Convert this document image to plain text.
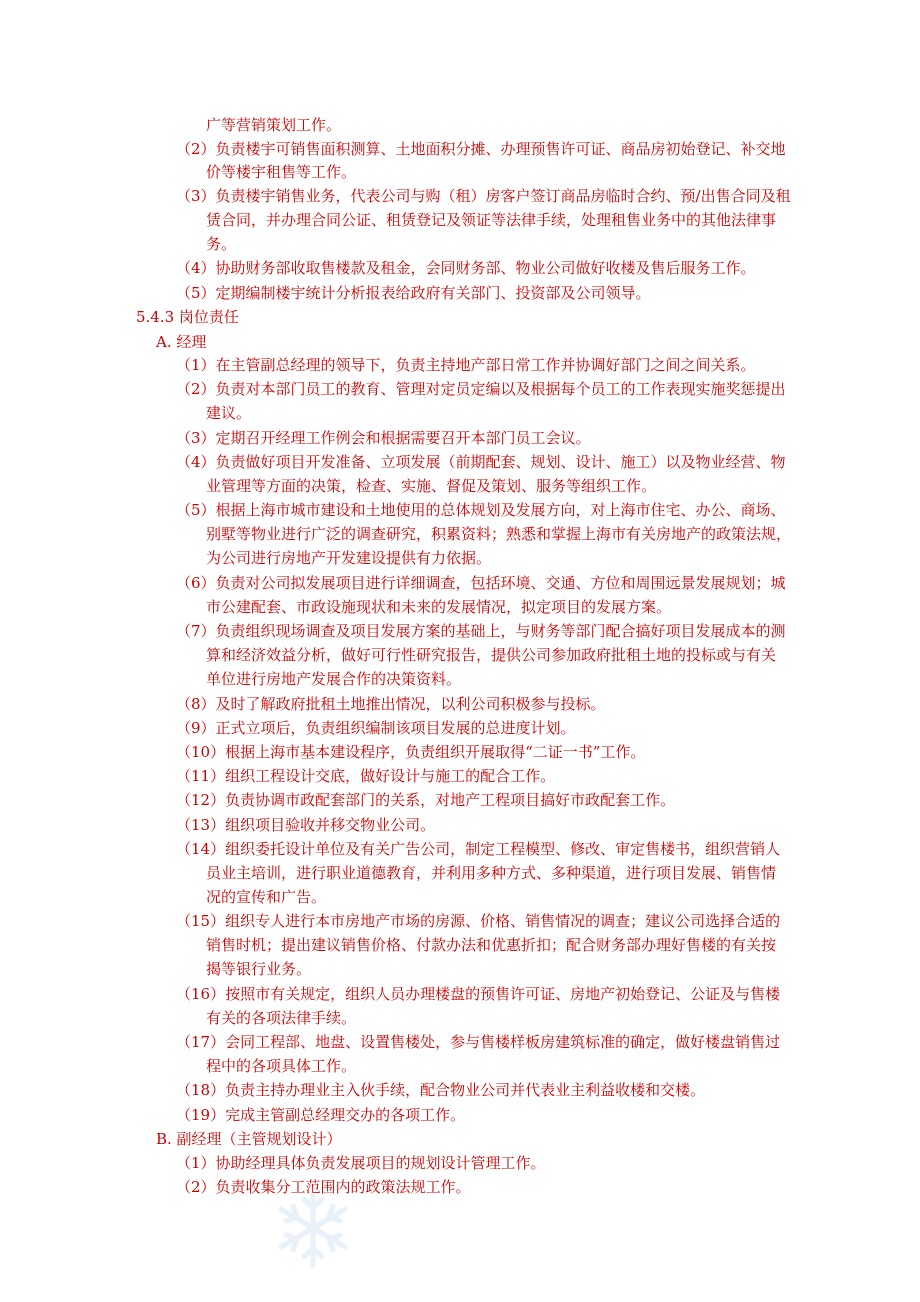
广等营销策划工作。
（2）负责楼宇可销售面积测算、土地面积分摊、办理预售许可证、商品房初始登记、补交地
价等楼宇租售等工作。
（3）负责楼宇销售业务，代表公司与购（租）房客户签订商品房临时合约、预/出售合同及租
赁合同，并办理合同公证、租赁登记及领证等法律手续，处理租售业务中的其他法律事
务。
（4）协助财务部收取售楼款及租金，会同财务部、物业公司做好收楼及售后服务工作。
（5）定期编制楼宇统计分析报表给政府有关部门、投资部及公司领导。
5.4.3 岗位责任
A. 经理
（1）在主管副总经理的领导下，负责主持地产部日常工作并协调好部门之间之间关系。
（2）负责对本部门员工的教育、管理对定员定编以及根据每个员工的工作表现实施奖惩提出
建议。
（3）定期召开经理工作例会和根据需要召开本部门员工会议。
（4）负责做好项目开发准备、立项发展（前期配套、规划、设计、施工）以及物业经营、物
业管理等方面的决策，检查、实施、督促及策划、服务等组织工作。
（5）根据上海市城市建设和土地使用的总体规划及发展方向，对上海市住宅、办公、商场、
别墅等物业进行广泛的调查研究，积累资料；熟悉和掌握上海市有关房地产的政策法规，
为公司进行房地产开发建设提供有力依据。
（6）负责对公司拟发展项目进行详细调查，包括环境、交通、方位和周围远景发展规划；城
市公建配套、市政设施现状和未来的发展情况，拟定项目的发展方案。
（7）负责组织现场调查及项目发展方案的基础上，与财务等部门配合搞好项目发展成本的测
算和经济效益分析，做好可行性研究报告，提供公司参加政府批租土地的投标或与有关
单位进行房地产发展合作的决策资料。
（8）及时了解政府批租土地推出情况，以利公司积极参与投标。
（9）正式立项后，负责组织编制该项目发展的总进度计划。
（10）根据上海市基本建设程序，负责组织开展取得“二证一书”工作。
（11）组织工程设计交底，做好设计与施工的配合工作。
（12）负责协调市政配套部门的关系，对地产工程项目搞好市政配套工作。
（13）组织项目验收并移交物业公司。
（14）组织委托设计单位及有关广告公司，制定工程模型、修改、审定售楼书，组织营销人
员业主培训，进行职业道德教育，并利用多种方式、多种渠道，进行项目发展、销售情
况的宣传和广告。
（15）组织专人进行本市房地产市场的房源、价格、销售情况的调查；建议公司选择合适的
销售时机；提出建议销售价格、付款办法和优惠折扣；配合财务部办理好售楼的有关按
揭等银行业务。
（16）按照市有关规定，组织人员办理楼盘的预售许可证、房地产初始登记、公证及与售楼
有关的各项法律手续。
（17）会同工程部、地盘、设置售楼处，参与售楼样板房建筑标准的确定，做好楼盘销售过
程中的各项具体工作。
（18）负责主持办理业主入伙手续，配合物业公司并代表业主利益收楼和交楼。
（19）完成主管副总经理交办的各项工作。
B. 副经理（主管规划设计）
（1）协助经理具体负责发展项目的规划设计管理工作。
（2）负责收集分工范围内的政策法规工作。
